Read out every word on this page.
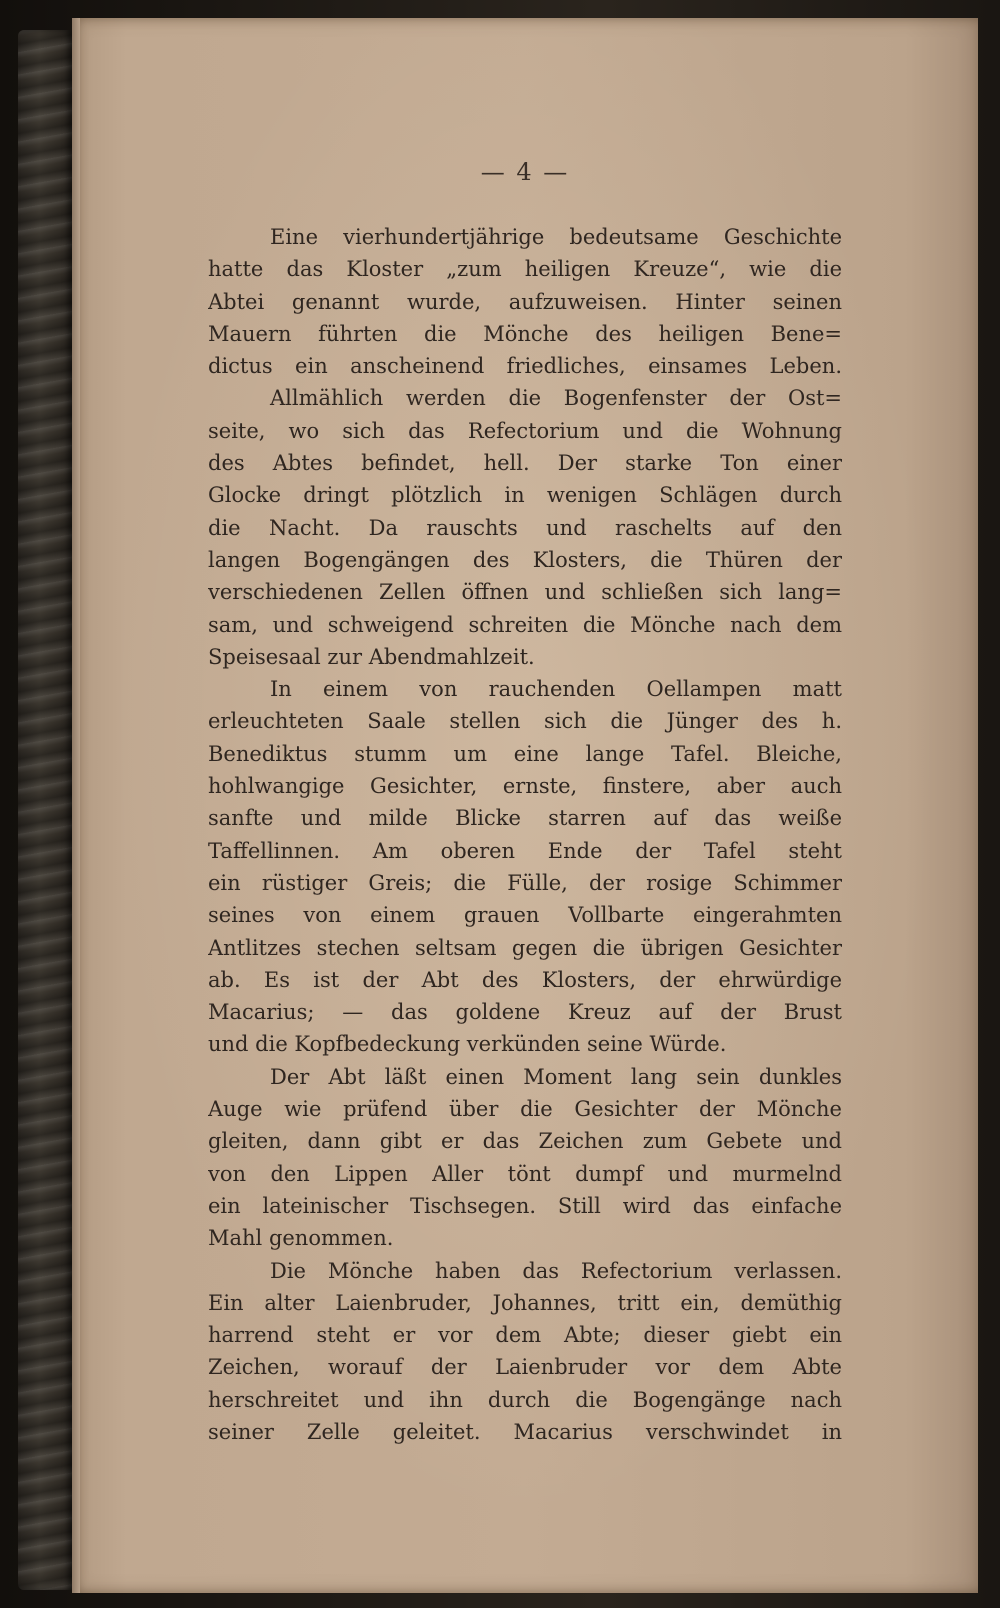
— 4 —
Eine vierhundertjährige bedeutsame Geschichte
hatte das Kloster „zum heiligen Kreuze“, wie die
Abtei genannt wurde, aufzuweisen. Hinter seinen
Mauern führten die Mönche des heiligen Bene=
dictus ein anscheinend friedliches, einsames Leben.
Allmählich werden die Bogenfenster der Ost=
seite, wo sich das Refectorium und die Wohnung
des Abtes befindet, hell. Der starke Ton einer
Glocke dringt plötzlich in wenigen Schlägen durch
die Nacht. Da rauschts und raschelts auf den
langen Bogengängen des Klosters, die Thüren der
verschiedenen Zellen öffnen und schließen sich lang=
sam, und schweigend schreiten die Mönche nach dem
Speisesaal zur Abendmahlzeit.
In einem von rauchenden Oellampen matt
erleuchteten Saale stellen sich die Jünger des h.
Benediktus stumm um eine lange Tafel. Bleiche,
hohlwangige Gesichter, ernste, finstere, aber auch
sanfte und milde Blicke starren auf das weiße
Taffellinnen. Am oberen Ende der Tafel steht
ein rüstiger Greis; die Fülle, der rosige Schimmer
seines von einem grauen Vollbarte eingerahmten
Antlitzes stechen seltsam gegen die übrigen Gesichter
ab. Es ist der Abt des Klosters, der ehrwürdige
Macarius; — das goldene Kreuz auf der Brust
und die Kopfbedeckung verkünden seine Würde.
Der Abt läßt einen Moment lang sein dunkles
Auge wie prüfend über die Gesichter der Mönche
gleiten, dann gibt er das Zeichen zum Gebete und
von den Lippen Aller tönt dumpf und murmelnd
ein lateinischer Tischsegen. Still wird das einfache
Mahl genommen.
Die Mönche haben das Refectorium verlassen.
Ein alter Laienbruder, Johannes, tritt ein, demüthig
harrend steht er vor dem Abte; dieser giebt ein
Zeichen, worauf der Laienbruder vor dem Abte
herschreitet und ihn durch die Bogengänge nach
seiner Zelle geleitet. Macarius verschwindet in
